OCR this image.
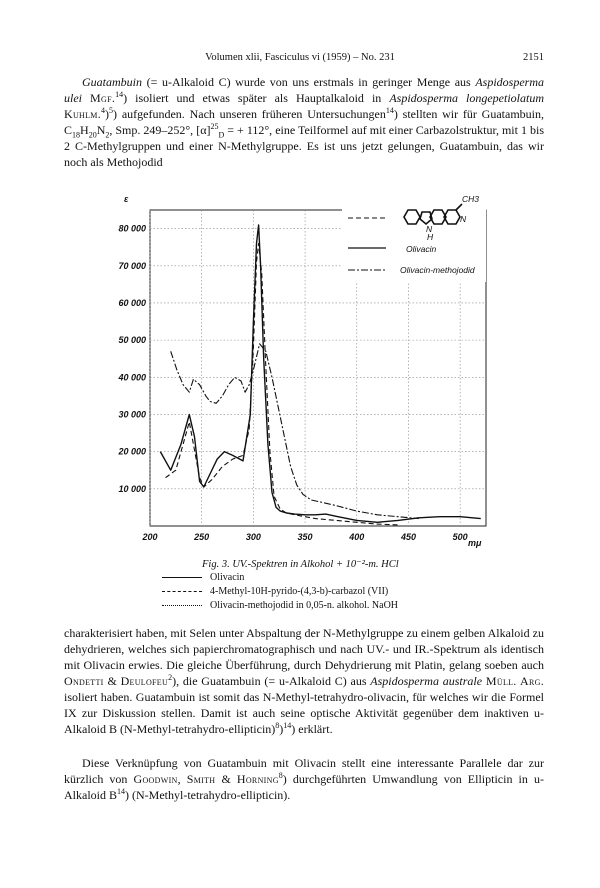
Volumen xlii, Fasciculus vi (1959) – No. 231	2151
Guatambuin (= u-Alkaloid C) wurde von uns erstmals in geringer Menge aus Aspidosperma ulei Mgf.$^{14}$) isoliert und etwas später als Hauptalkaloid in Aspidosperma longepetiolatum Kuhlm.$^4$)$^5$) aufgefunden. Nach unseren früheren Untersuchungen$^{14}$) stellten wir für Guatambuin, $C_{18}H_{20}N_2$, Smp. 249–252°, $[\alpha]^{25}_D$ = + 112°, eine Teilformel auf mit einer Carbazolstruktur, mit 1 bis 2 C-Methylgruppen und einer N-Methylgruppe. Es ist uns jetzt gelungen, Guatambuin, das wir noch als Methojodid
10 000
20 000
30 000
40 000
50 000
60 000
70 000
80 000
200	250	300	350	400	450	500
ε
mμ
CH3
N
N
H
Olivacin
Olivacin-methojodid
Fig. 3. UV.-Spektren in Alkohol + 10⁻²-m. HCl
Olivacin
4-Methyl-10H-pyrido-(4,3-b)-carbazol (VII)
Olivacin-methojodid in 0,05-n. alkohol. NaOH
charakterisiert haben, mit Selen unter Abspaltung der N-Methylgruppe zu einem gelben Alkaloid zu dehydrieren, welches sich papierchromatographisch und nach UV.- und IR.-Spektrum als identisch mit Olivacin erwies. Die gleiche Überführung, durch Dehydrierung mit Platin, gelang soeben auch Ondetti & Deulofeu$^2$), die Guatambuin (= u-Alkaloid C) aus Aspidosperma australe Müll. Arg. isoliert haben. Guatambuin ist somit das N-Methyl-tetrahydro-olivacin, für welches wir die Formel IX zur Diskussion stellen. Damit ist auch seine optische Aktivität gegenüber dem inaktiven u-Alkaloid B (N-Methyl-tetrahydro-ellipticin)$^8$)$^{14}$) erklärt.
Diese Verknüpfung von Guatambuin mit Olivacin stellt eine interessante Parallele dar zur kürzlich von Goodwin, Smith & Horning$^8$) durchgeführten Umwandlung von Ellipticin in u-Alkaloid $B^{14}$) (N-Methyl-tetrahydro-ellipticin).
